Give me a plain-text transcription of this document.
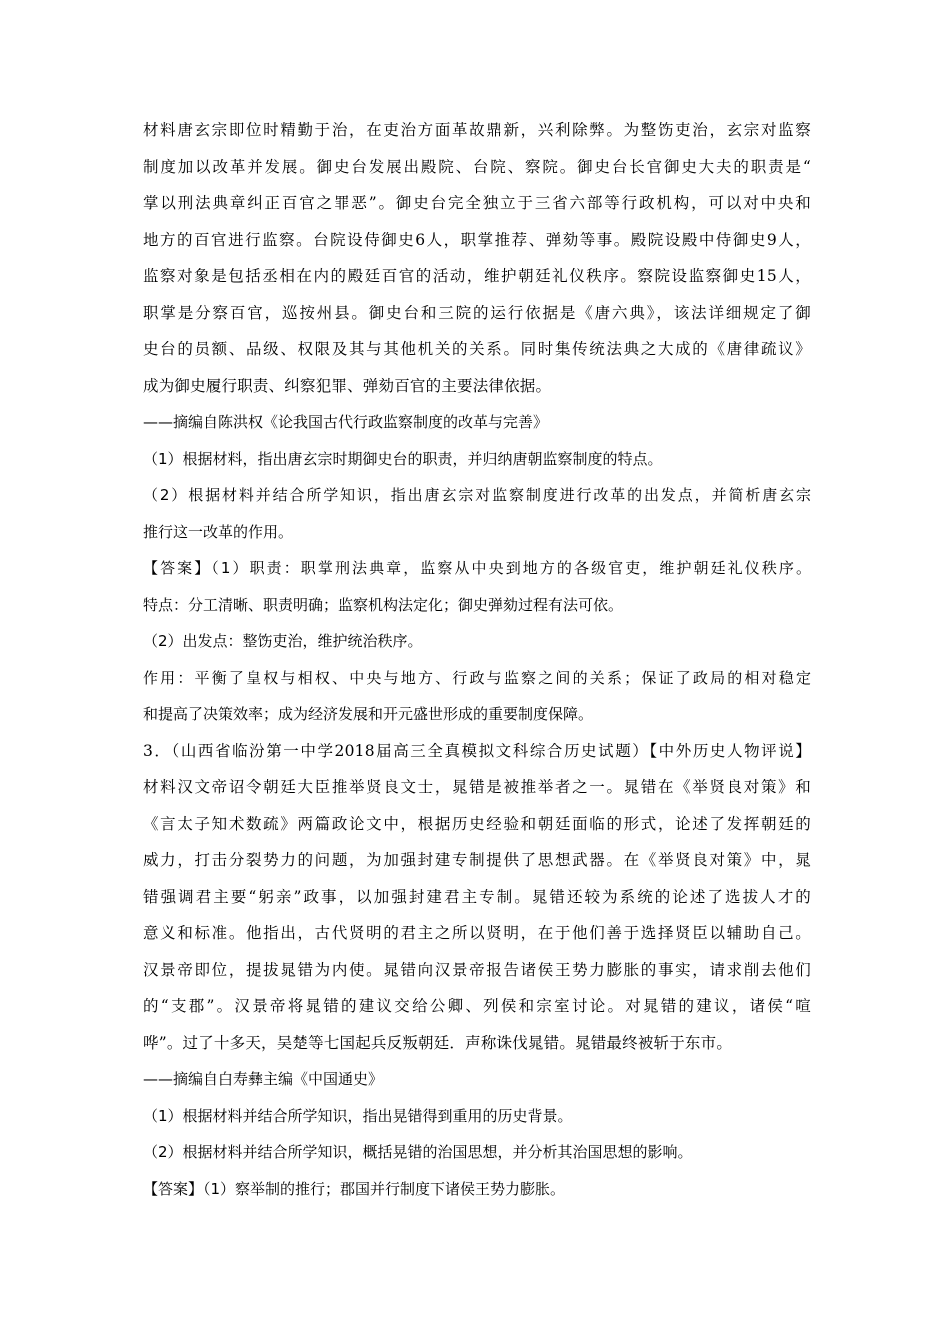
材料唐玄宗即位时精勤于治，在吏治方面革故鼎新，兴利除弊。为整饬吏治，玄宗对监察
制度加以改革并发展。御史台发展出殿院、台院、察院。御史台长官御史大夫的职责是“
掌以刑法典章纠正百官之罪恶”。御史台完全独立于三省六部等行政机构，可以对中央和
地方的百官进行监察。台院设侍御史6人，职掌推荐、弹劾等事。殿院设殿中侍御史9人，
监察对象是包括丞相在内的殿廷百官的活动，维护朝廷礼仪秩序。察院设监察御史15人，
职掌是分察百官，巡按州县。御史台和三院的运行依据是《唐六典》，该法详细规定了御
史台的员额、品级、权限及其与其他机关的关系。同时集传统法典之大成的《唐律疏议》
成为御史履行职责、纠察犯罪、弹劾百官的主要法律依据。
——摘编自陈洪权《论我国古代行政监察制度的改革与完善》
（1）根据材料，指出唐玄宗时期御史台的职责，并归纳唐朝监察制度的特点。
（2）根据材料并结合所学知识，指出唐玄宗对监察制度进行改革的出发点，并简析唐玄宗
推行这一改革的作用。
【答案】（1）职责：职掌刑法典章，监察从中央到地方的各级官吏，维护朝廷礼仪秩序。
特点：分工清晰、职责明确；监察机构法定化；御史弹劾过程有法可依。
（2）出发点：整饬吏治，维护统治秩序。
作用：平衡了皇权与相权、中央与地方、行政与监察之间的关系；保证了政局的相对稳定
和提高了决策效率；成为经济发展和开元盛世形成的重要制度保障。
3．（山西省临汾第一中学2018届高三全真模拟文科综合历史试题）【中外历史人物评说】
材料汉文帝诏令朝廷大臣推举贤良文士，晁错是被推举者之一。晁错在《举贤良对策》和
《言太子知术数疏》两篇政论文中，根据历史经验和朝廷面临的形式，论述了发挥朝廷的
威力，打击分裂势力的问题，为加强封建专制提供了思想武器。在《举贤良对策》中，晁
错强调君主要“躬亲”政事，以加强封建君主专制。晁错还较为系统的论述了选拔人才的
意义和标准。他指出，古代贤明的君主之所以贤明，在于他们善于选择贤臣以辅助自己。
汉景帝即位，提拔晁错为内使。晁错向汉景帝报告诸侯王势力膨胀的事实，请求削去他们
的“支郡”。汉景帝将晁错的建议交给公卿、列侯和宗室讨论。对晁错的建议，诸侯“喧
哗”。过了十多天，吴楚等七国起兵反叛朝廷．声称诛伐晁错。晁错最终被斩于东市。
——摘编自白寿彝主编《中国通史》
（1）根据材料并结合所学知识，指出晃错得到重用的历史背景。
（2）根据材料并结合所学知识，概括晃错的治国思想，并分析其治国思想的影响。
【答案】（1）察举制的推行；郡国并行制度下诸侯王势力膨胀。
